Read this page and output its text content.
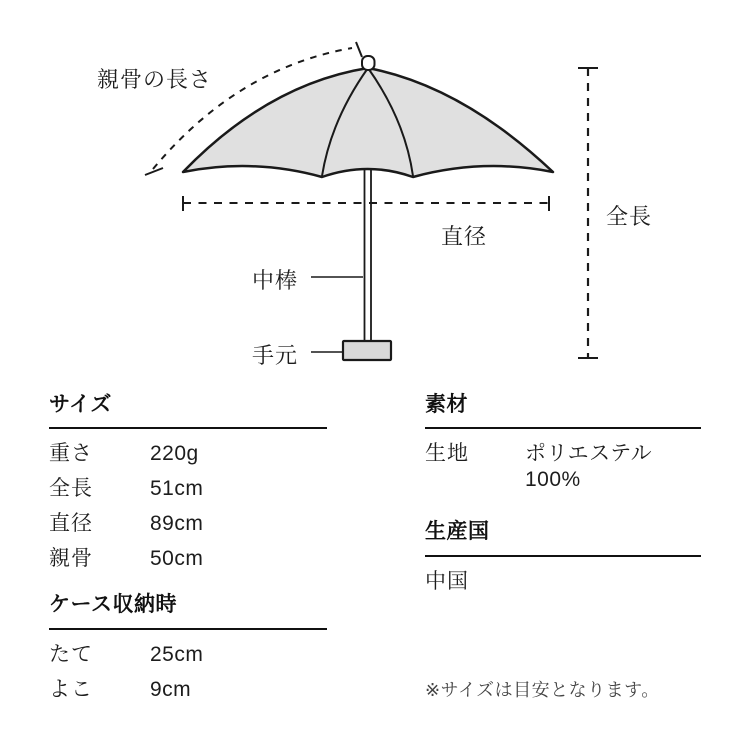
親骨の長さ
直径
全長
中棒
手元
サイズ
重さ	220g
全長	51cm
直径	89cm
親骨	50cm
ケース収納時
たて	25cm
よこ	9cm
素材
生地	ポリエステル100%
生産国
中国
※サイズは目安となります。
